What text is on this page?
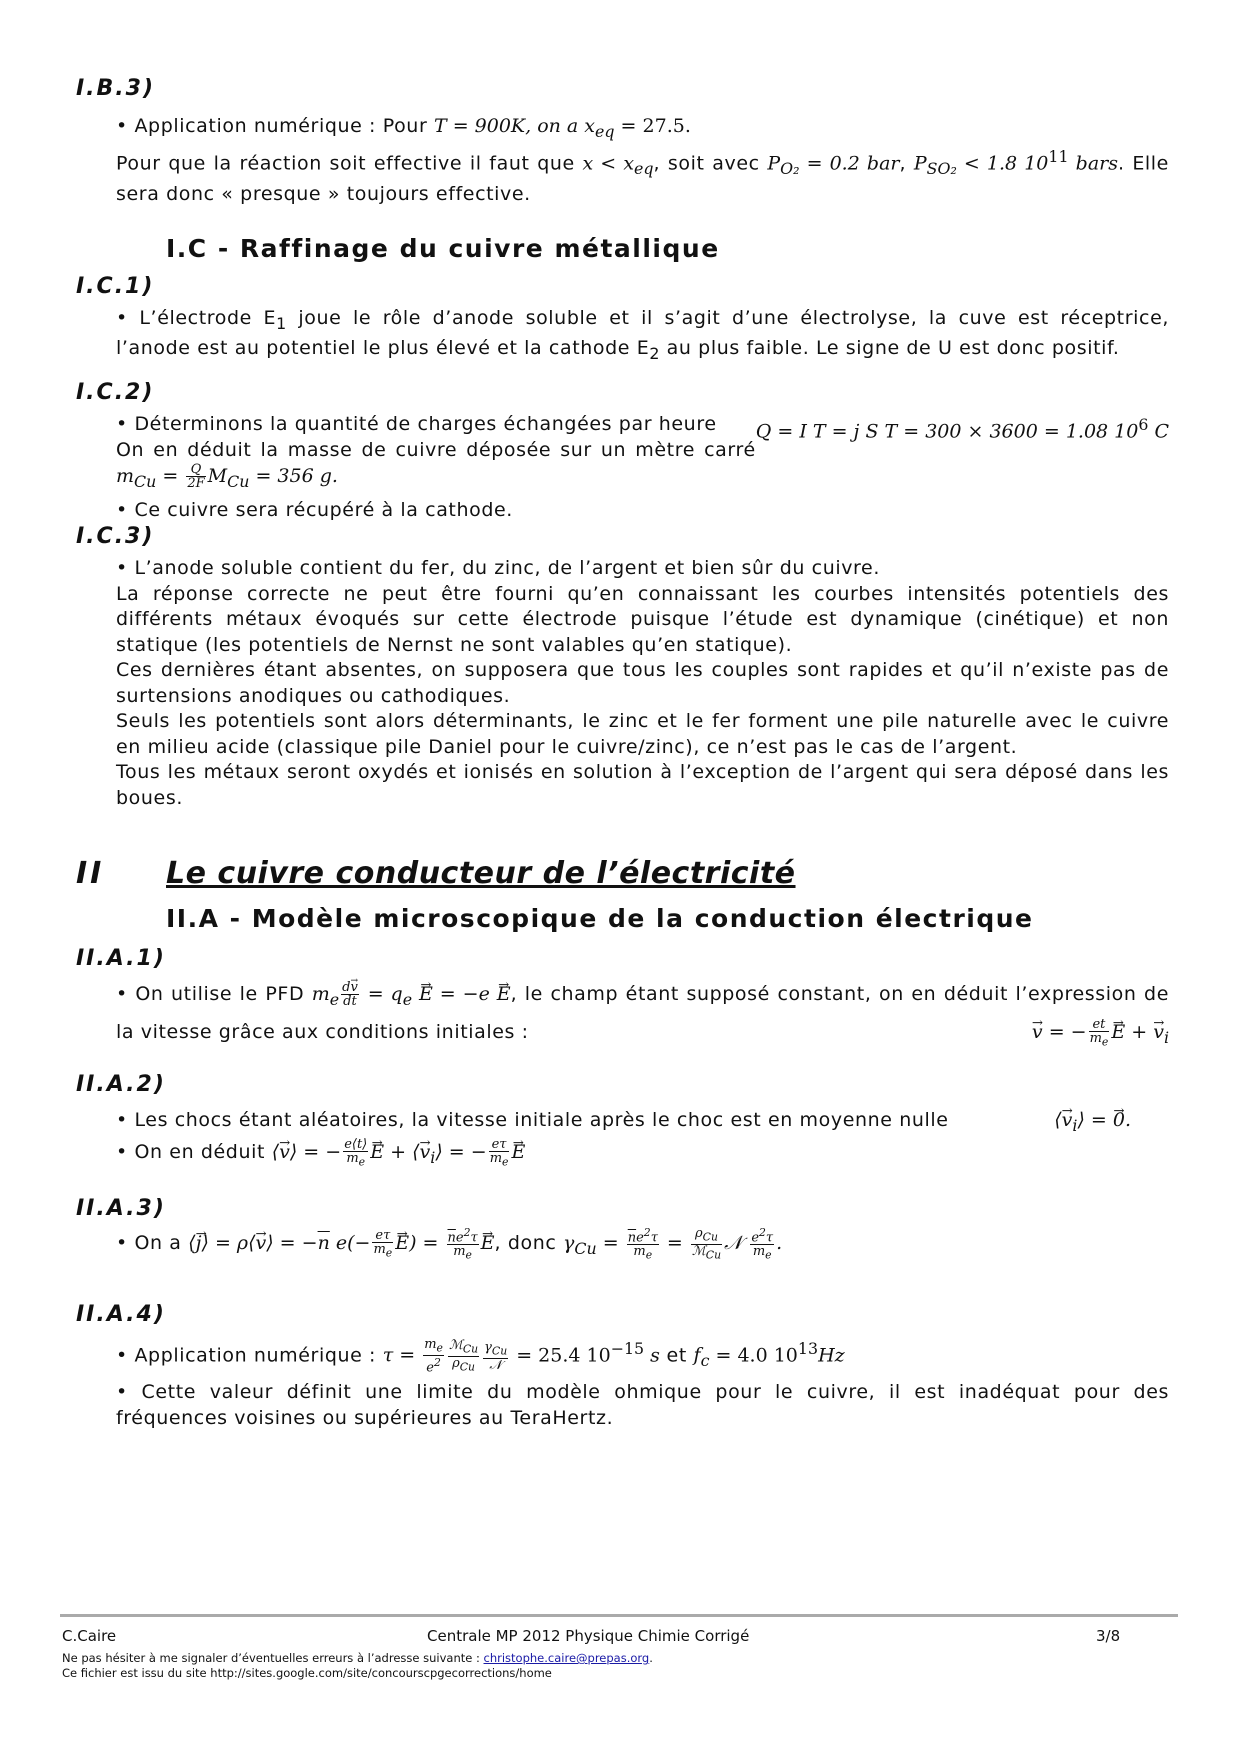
I.B.3)

• Application numérique : Pour T = 900K, on a $x_{eq} = 27.5$.

Pour que la réaction soit effective il faut que $x < x_{eq}$, soit avec $P_{O_2} = 0.2$ bar, $P_{SO_2} < 1.8$ $10^{11}$ bars. Elle sera donc « presque » toujours effective.

I.C - Raffinage du cuivre métallique
I.C.1)

• L’électrode $E_1$ joue le rôle d’anode soluble et il s’agit d’une électrolyse, la cuve est réceptrice, l’anode est au potentiel le plus élevé et la cathode $E_2$ au plus faible. Le signe de U est donc positif.

I.C.2)

• Déterminons la quantité de charges échangées par heure Q = I T = j S T = 300 × 3600 = 1.08 $10^6$ C

On en déduit la masse de cuivre déposée sur un mètre carré $m_{Cu} = \frac{Q}{2F} M_{Cu} = 356$ g.

• Ce cuivre sera récupéré à la cathode.

I.C.3)

• L’anode soluble contient du fer, du zinc, de l’argent et bien sûr du cuivre.

La réponse correcte ne peut être fourni qu’en connaissant les courbes intensités potentiels des différents métaux évoqués sur cette électrode puisque l’étude est dynamique (cinétique) et non statique (les potentiels de Nernst ne sont valables qu’en statique).

Ces dernières étant absentes, on supposera que tous les couples sont rapides et qu’il n’existe pas de surtensions anodiques ou cathodiques.

Seuls les potentiels sont alors déterminants, le zinc et le fer forment une pile naturelle avec le cuivre en milieu acide (classique pile Daniel pour le cuivre/zinc), ce n’est pas le cas de l’argent.

Tous les métaux seront oxydés et ionisés en solution à l’exception de l’argent qui sera déposé dans les boues.

II Le cuivre conducteur de l’électricité
II.A - Modèle microscopique de la conduction électrique
II.A.1)

• On utilise le PFD $m_e \frac{d\to v}{dt} = q_e \to E = -e \to E$, le champ étant supposé constant, on en déduit l’expression de la vitesse grâce aux conditions initiales :	→ v = − $\frac{et}{m_e} \to E$ + → $v_i$

II.A.2)

• Les chocs étant aléatoires, la vitesse initiale après le choc est en moyenne nulle	⟨→ $v_i⟩$ = → 0.

• On en déduit ⟨→ v⟩ = − $\frac{e⟨t⟩}{m_e} \to E$ + ⟨→ $v_i⟩$ = − $\frac{e\tau}{m_e} \to E$

II.A.3)

• On a ⟨→ j⟩ = ρ⟨→ v⟩ = $-\overline{n}$ $e(- \frac{e\tau}{m_e} \to E) = \frac{\overline{n}e^2\tau}{m_e} \to E$, donc $\gamma_{Cu} = \frac{\overline{n}e^2\tau}{m_e} = \frac{\rho_{Cu}}{ℳ_{Cu}}$ 𝒩 $\frac{e^2\tau}{m_e}$ .

II.A.4)

• Application numérique : $\tau = \frac{m_e}{e^2} \frac{ℳ_{Cu}}{\rho_{Cu}} \frac{\gamma_{Cu}}{\text{𝒩}} = 25.4$ $10^{-15}$ s et $f_c = 4.0$ $10^{13}Hz$

• Cette valeur définit une limite du modèle ohmique pour le cuivre, il est inadéquat pour des fréquences voisines ou supérieures au TeraHertz.

C.Caire	Centrale MP 2012 Physique Chimie Corrigé	3/8
Ne pas hésiter à me signaler d’éventuelles erreurs à l’adresse suivante : christophe.caire@prepas.org.
Ce fichier est issu du site http://sites.google.com/site/concourscpgecorrections/home
